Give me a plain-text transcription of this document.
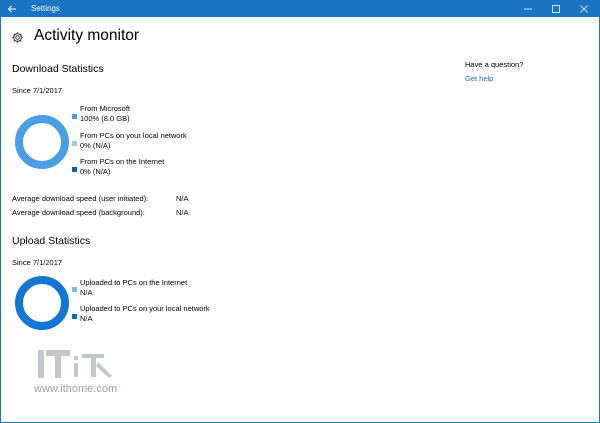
Settings
Activity monitor
Download Statistics
Since 7/1/2017
From Microsoft
100% (8.0 GB)
From PCs on your local network
0% (N/A)
From PCs on the Internet
0% (N/A)
Average download speed (user initiated):	N/A
Average download speed (background):	N/A
Upload Statistics
Since 7/1/2017
Uploaded to PCs on the Internet
N/A
Uploaded to PCs on your local network
N/A
Have a question?
Get help
www.ithome.com
